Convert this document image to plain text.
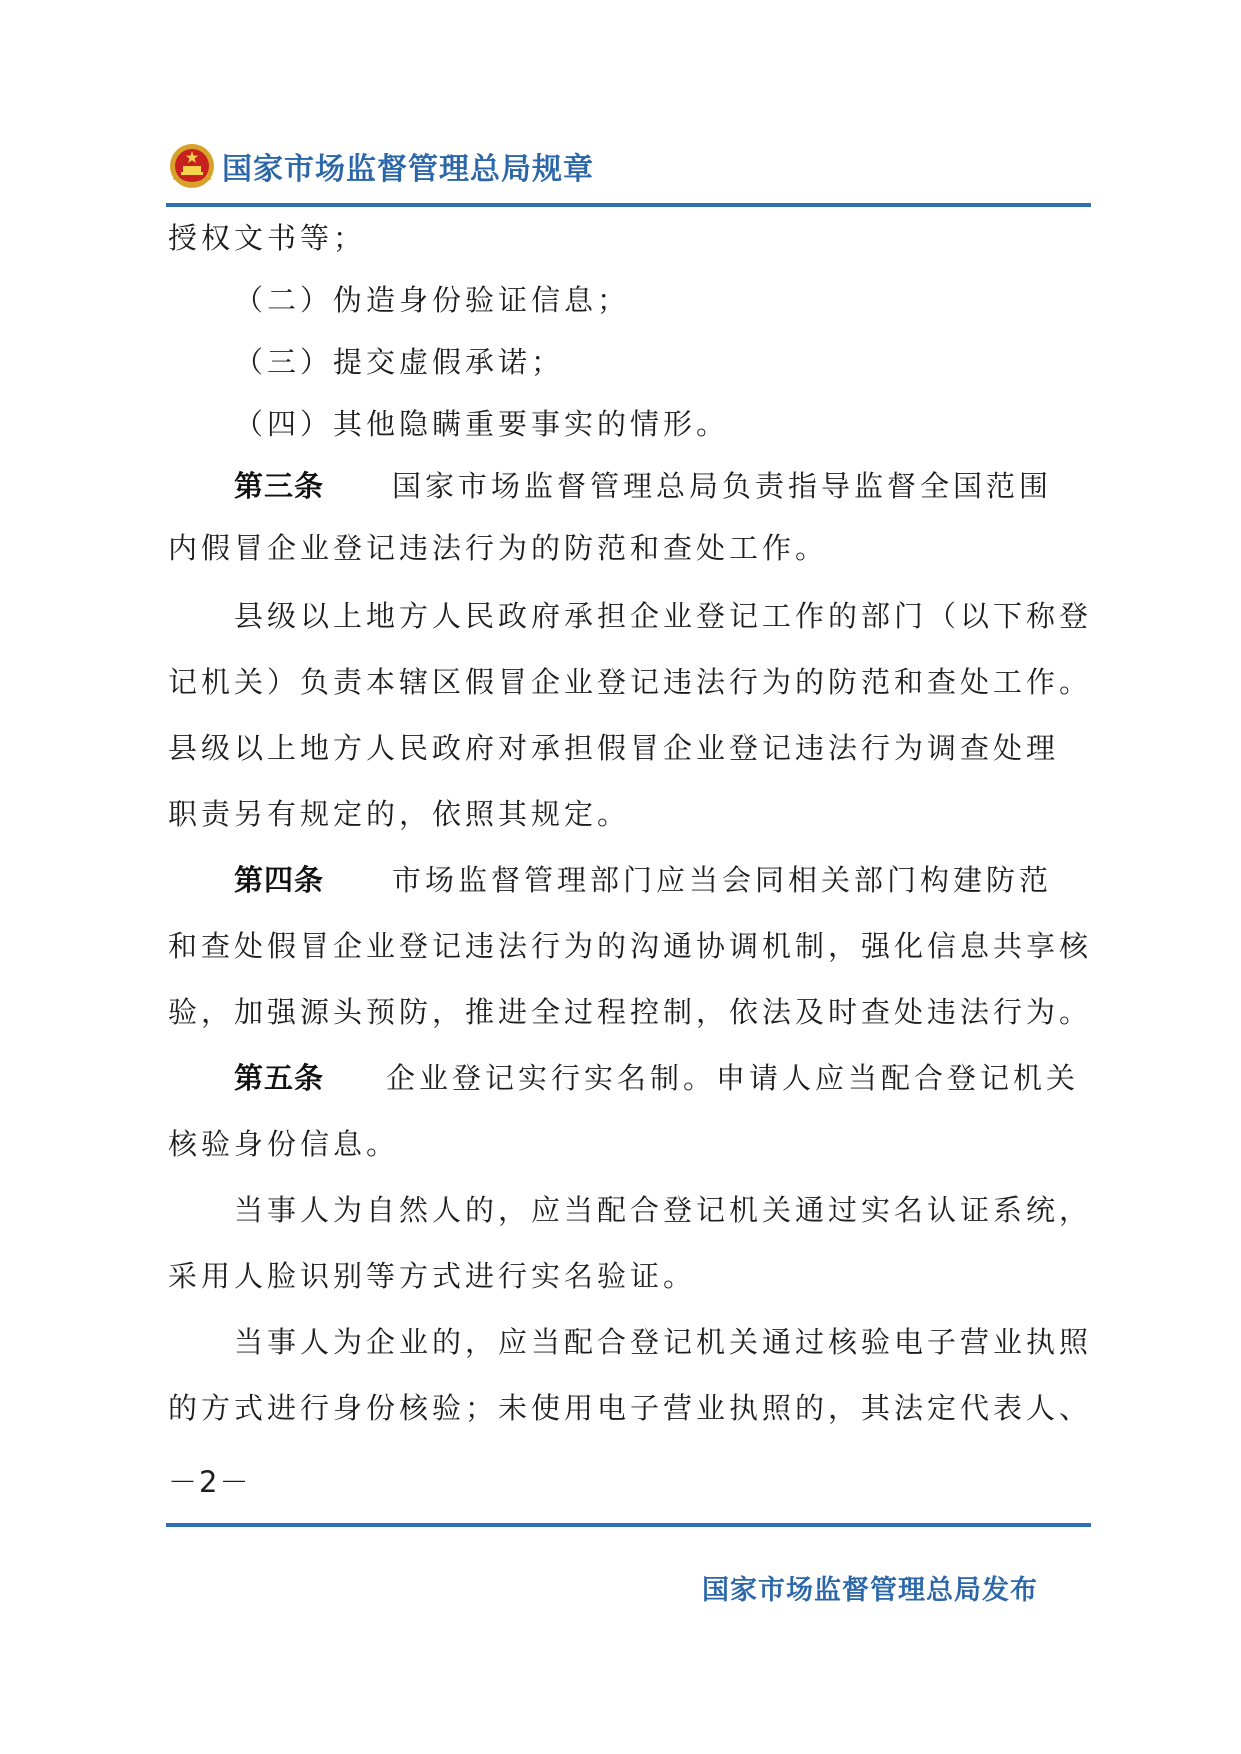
国家市场监督管理总局规章
授权文书等；
（二）伪造身份验证信息；
（三）提交虚假承诺；
（四）其他隐瞒重要事实的情形。
第三条 国家市场监督管理总局负责指导监督全国范围
内假冒企业登记违法行为的防范和查处工作。
县级以上地方人民政府承担企业登记工作的部门（以下称登
记机关）负责本辖区假冒企业登记违法行为的防范和查处工作。
县级以上地方人民政府对承担假冒企业登记违法行为调查处理
职责另有规定的，依照其规定。
第四条 市场监督管理部门应当会同相关部门构建防范
和查处假冒企业登记违法行为的沟通协调机制，强化信息共享核
验，加强源头预防，推进全过程控制，依法及时查处违法行为。
第五条 企业登记实行实名制。申请人应当配合登记机关
核验身份信息。
当事人为自然人的，应当配合登记机关通过实名认证系统，
采用人脸识别等方式进行实名验证。
当事人为企业的，应当配合登记机关通过核验电子营业执照
的方式进行身份核验；未使用电子营业执照的，其法定代表人、
－2－
国家市场监督管理总局发布
